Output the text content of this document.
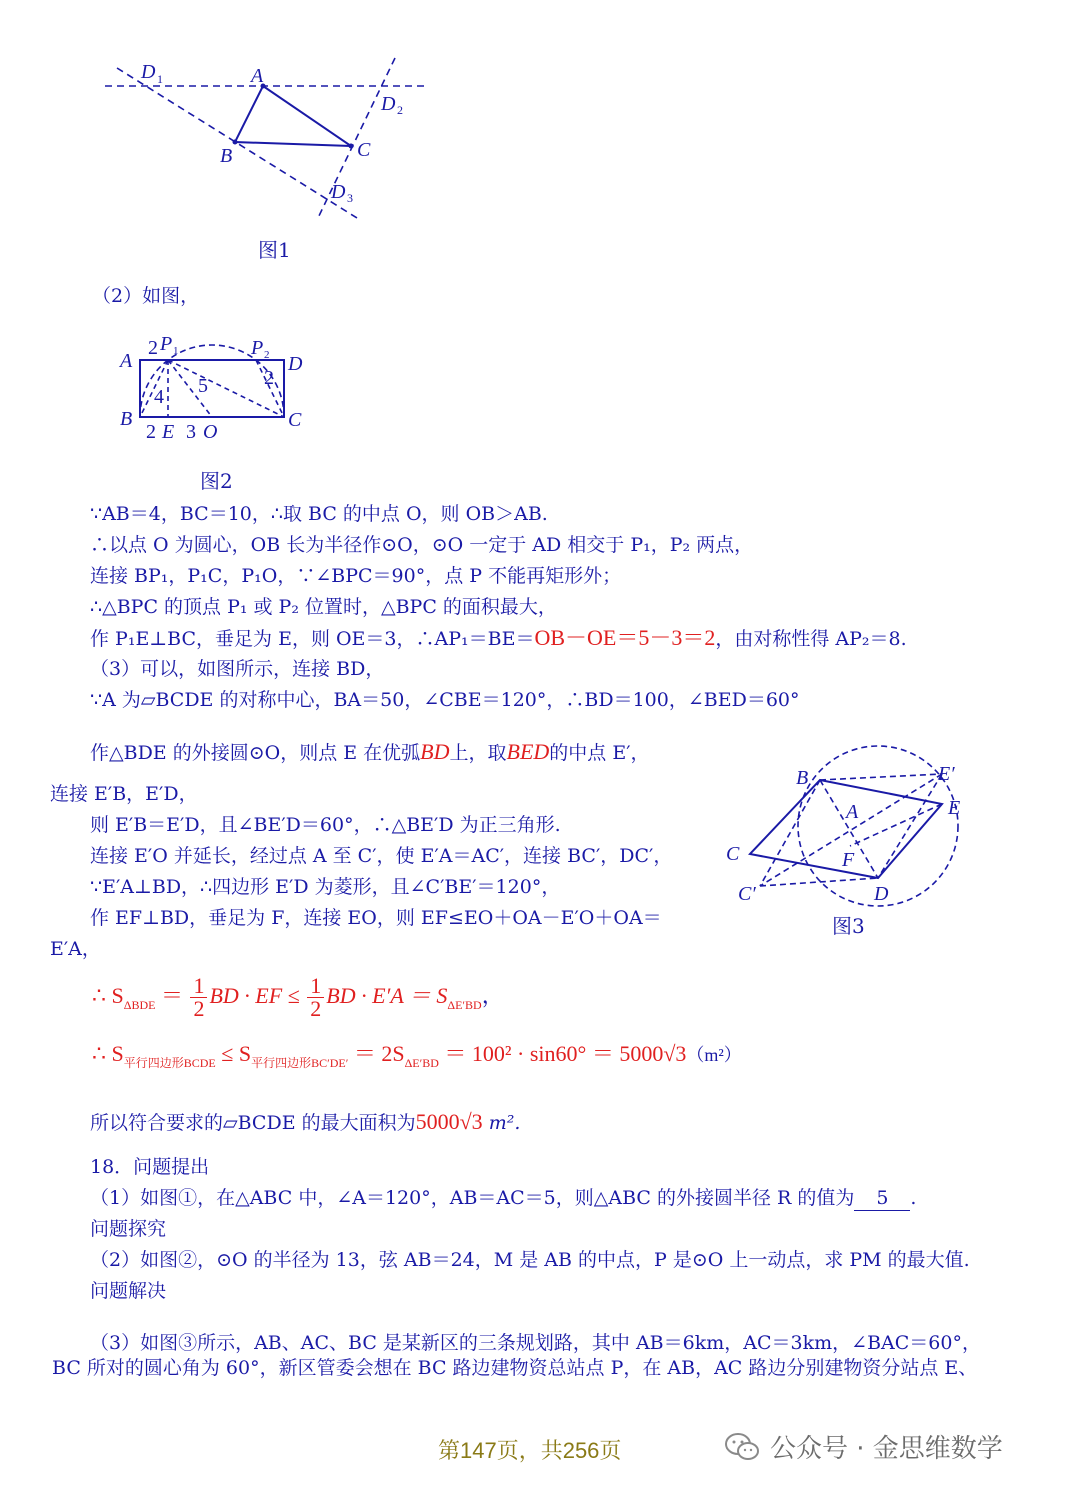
D 1	A
D 2
B	C
D 3
图1
（2）如图，
A
B	C
D
2 P 1	P 2
4 5	2
2 E 3 O
图2
∵AB＝4，BC＝10，∴取 BC 的中点 O，则 OB＞AB.
∴以点 O 为圆心，OB 长为半径作⊙O，⊙O 一定于 AD 相交于 P₁，P₂ 两点，
连接 BP₁，P₁C，P₁O，∵∠BPC＝90°，点 P 不能再矩形外；
∴△BPC 的顶点 P₁ 或 P₂ 位置时，△BPC 的面积最大，
作 P₁E⊥BC，垂足为 E，则 OE＝3，∴AP₁＝BE＝OB－OE＝5－3＝2，由对称性得 AP₂＝8.
（3）可以，如图所示，连接 BD，
∵A 为▱BCDE 的对称中心，BA＝50，∠CBE＝120°，∴BD＝100，∠BED＝60°
作△BDE 的外接圆⊙O，则点 E 在优弧BD上，取BED的中点 E′，
连接 E′B，E′D，
则 E′B＝E′D，且∠BE′D＝60°，∴△BE′D 为正三角形.
连接 E′O 并延长，经过点 A 至 C′，使 E′A＝AC′，连接 BC′，DC′，
∵E′A⊥BD，∴四边形 E′D 为菱形，且∠C′BE′＝120°，
作 EF⊥BD，垂足为 F，连接 EO，则 EF≤EO＋OA－E′O＋OA＝
E′A，
B	E′
E
A
C	F
C′	D
图3
∴ $S_{\Delta BDE} = \frac{1}{2}$ BD · EF ≤ $\frac{1}{2}$ BD · $E'A = S_{\Delta E'BD}$，
∴ $S_{平行四边形BCDE} \le S_{平行四边形BC'DE'} = 2S_{\Delta E'BD} = 100^2 \cdot \sin 60^\circ = 5000√3(m^2)$
所以符合要求的▱BCDE 的最大面积为5000√3 m².
18．问题提出
（1）如图①，在△ABC 中，∠A＝120°，AB＝AC＝5，则△ABC 的外接圆半径 R 的值为 5 .
问题探究
（2）如图②，⊙O 的半径为 13，弦 AB＝24，M 是 AB 的中点，P 是⊙O 上一动点，求 PM 的最大值.
问题解决
（3）如图③所示，AB、AC、BC 是某新区的三条规划路，其中 AB＝6km，AC＝3km，∠BAC＝60°，
BC 所对的圆心角为 60°，新区管委会想在 BC 路边建物资总站点 P，在 AB，AC 路边分别建物资分站点 E、
第147页，共256页	公众号 · 金思维数学
